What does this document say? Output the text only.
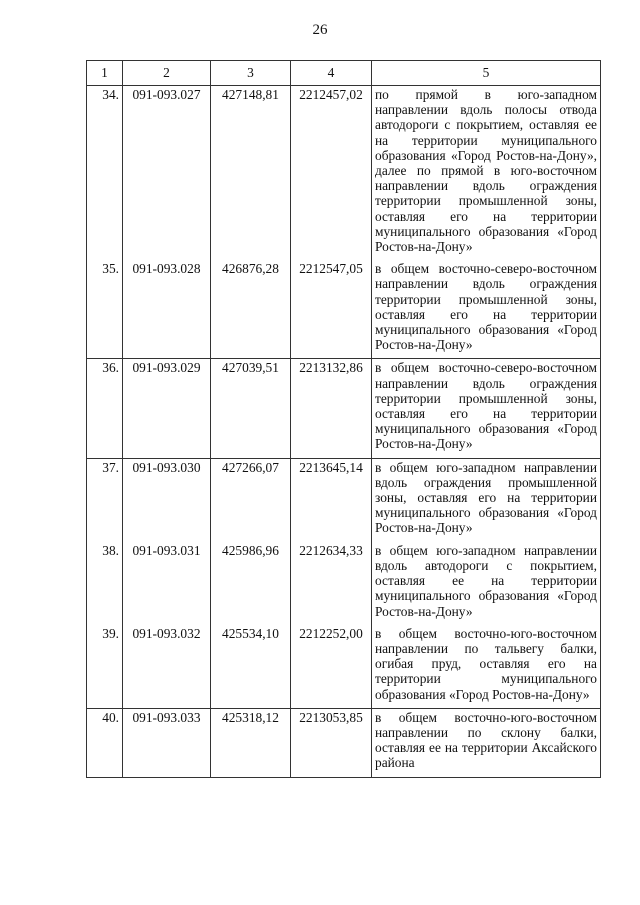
26
1	2	3	4	5
34.	091-093.027	427148,81	2212457,02	по прямой в юго-западном направлении вдоль полосы отвода автодороги с покрытием, оставляя ее на территории муниципального образования «Город Ростов-на-Дону», далее по прямой в юго-восточном направлении вдоль ограждения территории промышленной зоны, оставляя его на территории муниципального образования «Город Ростов-на-Дону»
35.	091-093.028	426876,28	2212547,05	в общем восточно-северо-восточном направлении вдоль ограждения территории промышленной зоны, оставляя его на территории муниципального образования «Город Ростов-на-Дону»
36.	091-093.029	427039,51	2213132,86	в общем восточно-северо-восточном направлении вдоль ограждения территории промышленной зоны, оставляя его на территории муниципального образования «Город Ростов-на-Дону»
37.	091-093.030	427266,07	2213645,14	в общем юго-западном направлении вдоль ограждения промышленной зоны, оставляя его на территории муниципального образования «Город Ростов-на-Дону»
38.	091-093.031	425986,96	2212634,33	в общем юго-западном направлении вдоль автодороги с покрытием, оставляя ее на территории муниципального образования «Город Ростов-на-Дону»
39.	091-093.032	425534,10	2212252,00	в общем восточно-юго-восточном направлении по тальвегу балки, огибая пруд, оставляя его на территории муниципального образования «Город Ростов-на-Дону»
40.	091-093.033	425318,12	2213053,85	в общем восточно-юго-восточном направлении по склону балки, оставляя ее на территории Аксайского района
